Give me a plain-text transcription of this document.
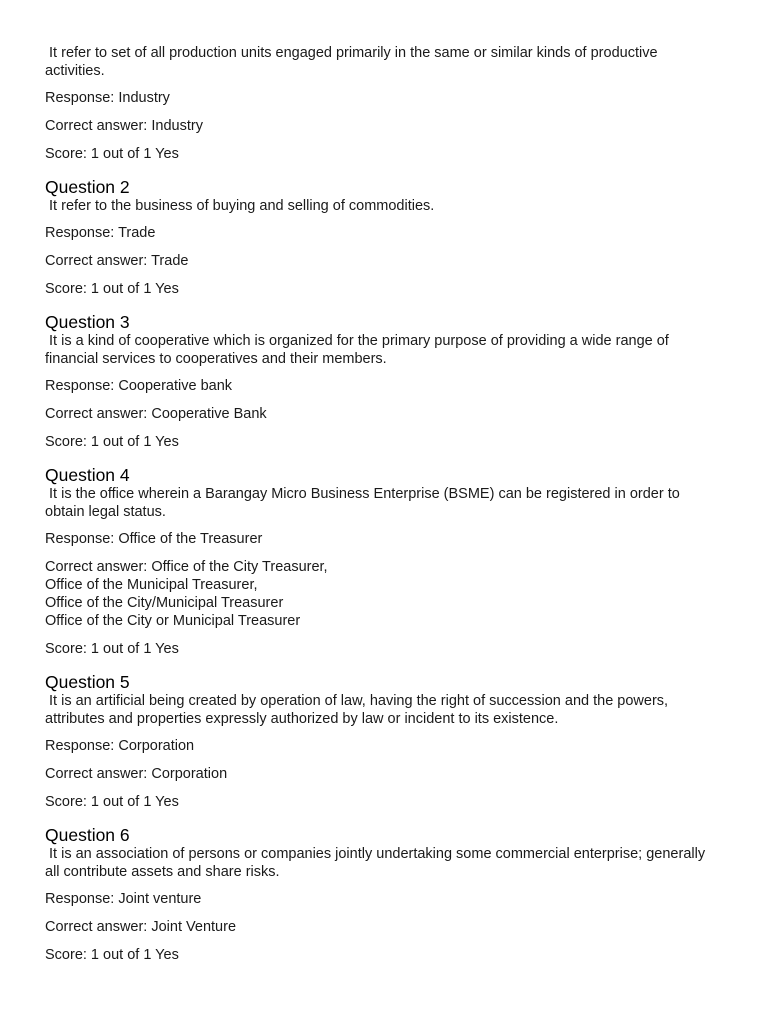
It refer to set of all production units engaged primarily in the same or similar kinds of productive activities.

Response: Industry

Correct answer: Industry

Score: 1 out of 1 Yes

Question 2

It refer to the business of buying and selling of commodities.

Response: Trade

Correct answer: Trade

Score: 1 out of 1 Yes

Question 3

It is a kind of cooperative which is organized for the primary purpose of providing a wide range of financial services to cooperatives and their members.

Response: Cooperative bank

Correct answer: Cooperative Bank

Score: 1 out of 1 Yes

Question 4

It is the office wherein a Barangay Micro Business Enterprise (BSME) can be registered in order to obtain legal status.

Response: Office of the Treasurer

Correct answer: Office of the City Treasurer,
Office of the Municipal Treasurer,
Office of the City/Municipal Treasurer
Office of the City or Municipal Treasurer

Score: 1 out of 1 Yes

Question 5

It is an artificial being created by operation of law, having the right of succession and the powers, attributes and properties expressly authorized by law or incident to its existence.

Response: Corporation

Correct answer: Corporation

Score: 1 out of 1 Yes

Question 6

It is an association of persons or companies jointly undertaking some commercial enterprise; generally all contribute assets and share risks.

Response: Joint venture

Correct answer: Joint Venture

Score: 1 out of 1 Yes
